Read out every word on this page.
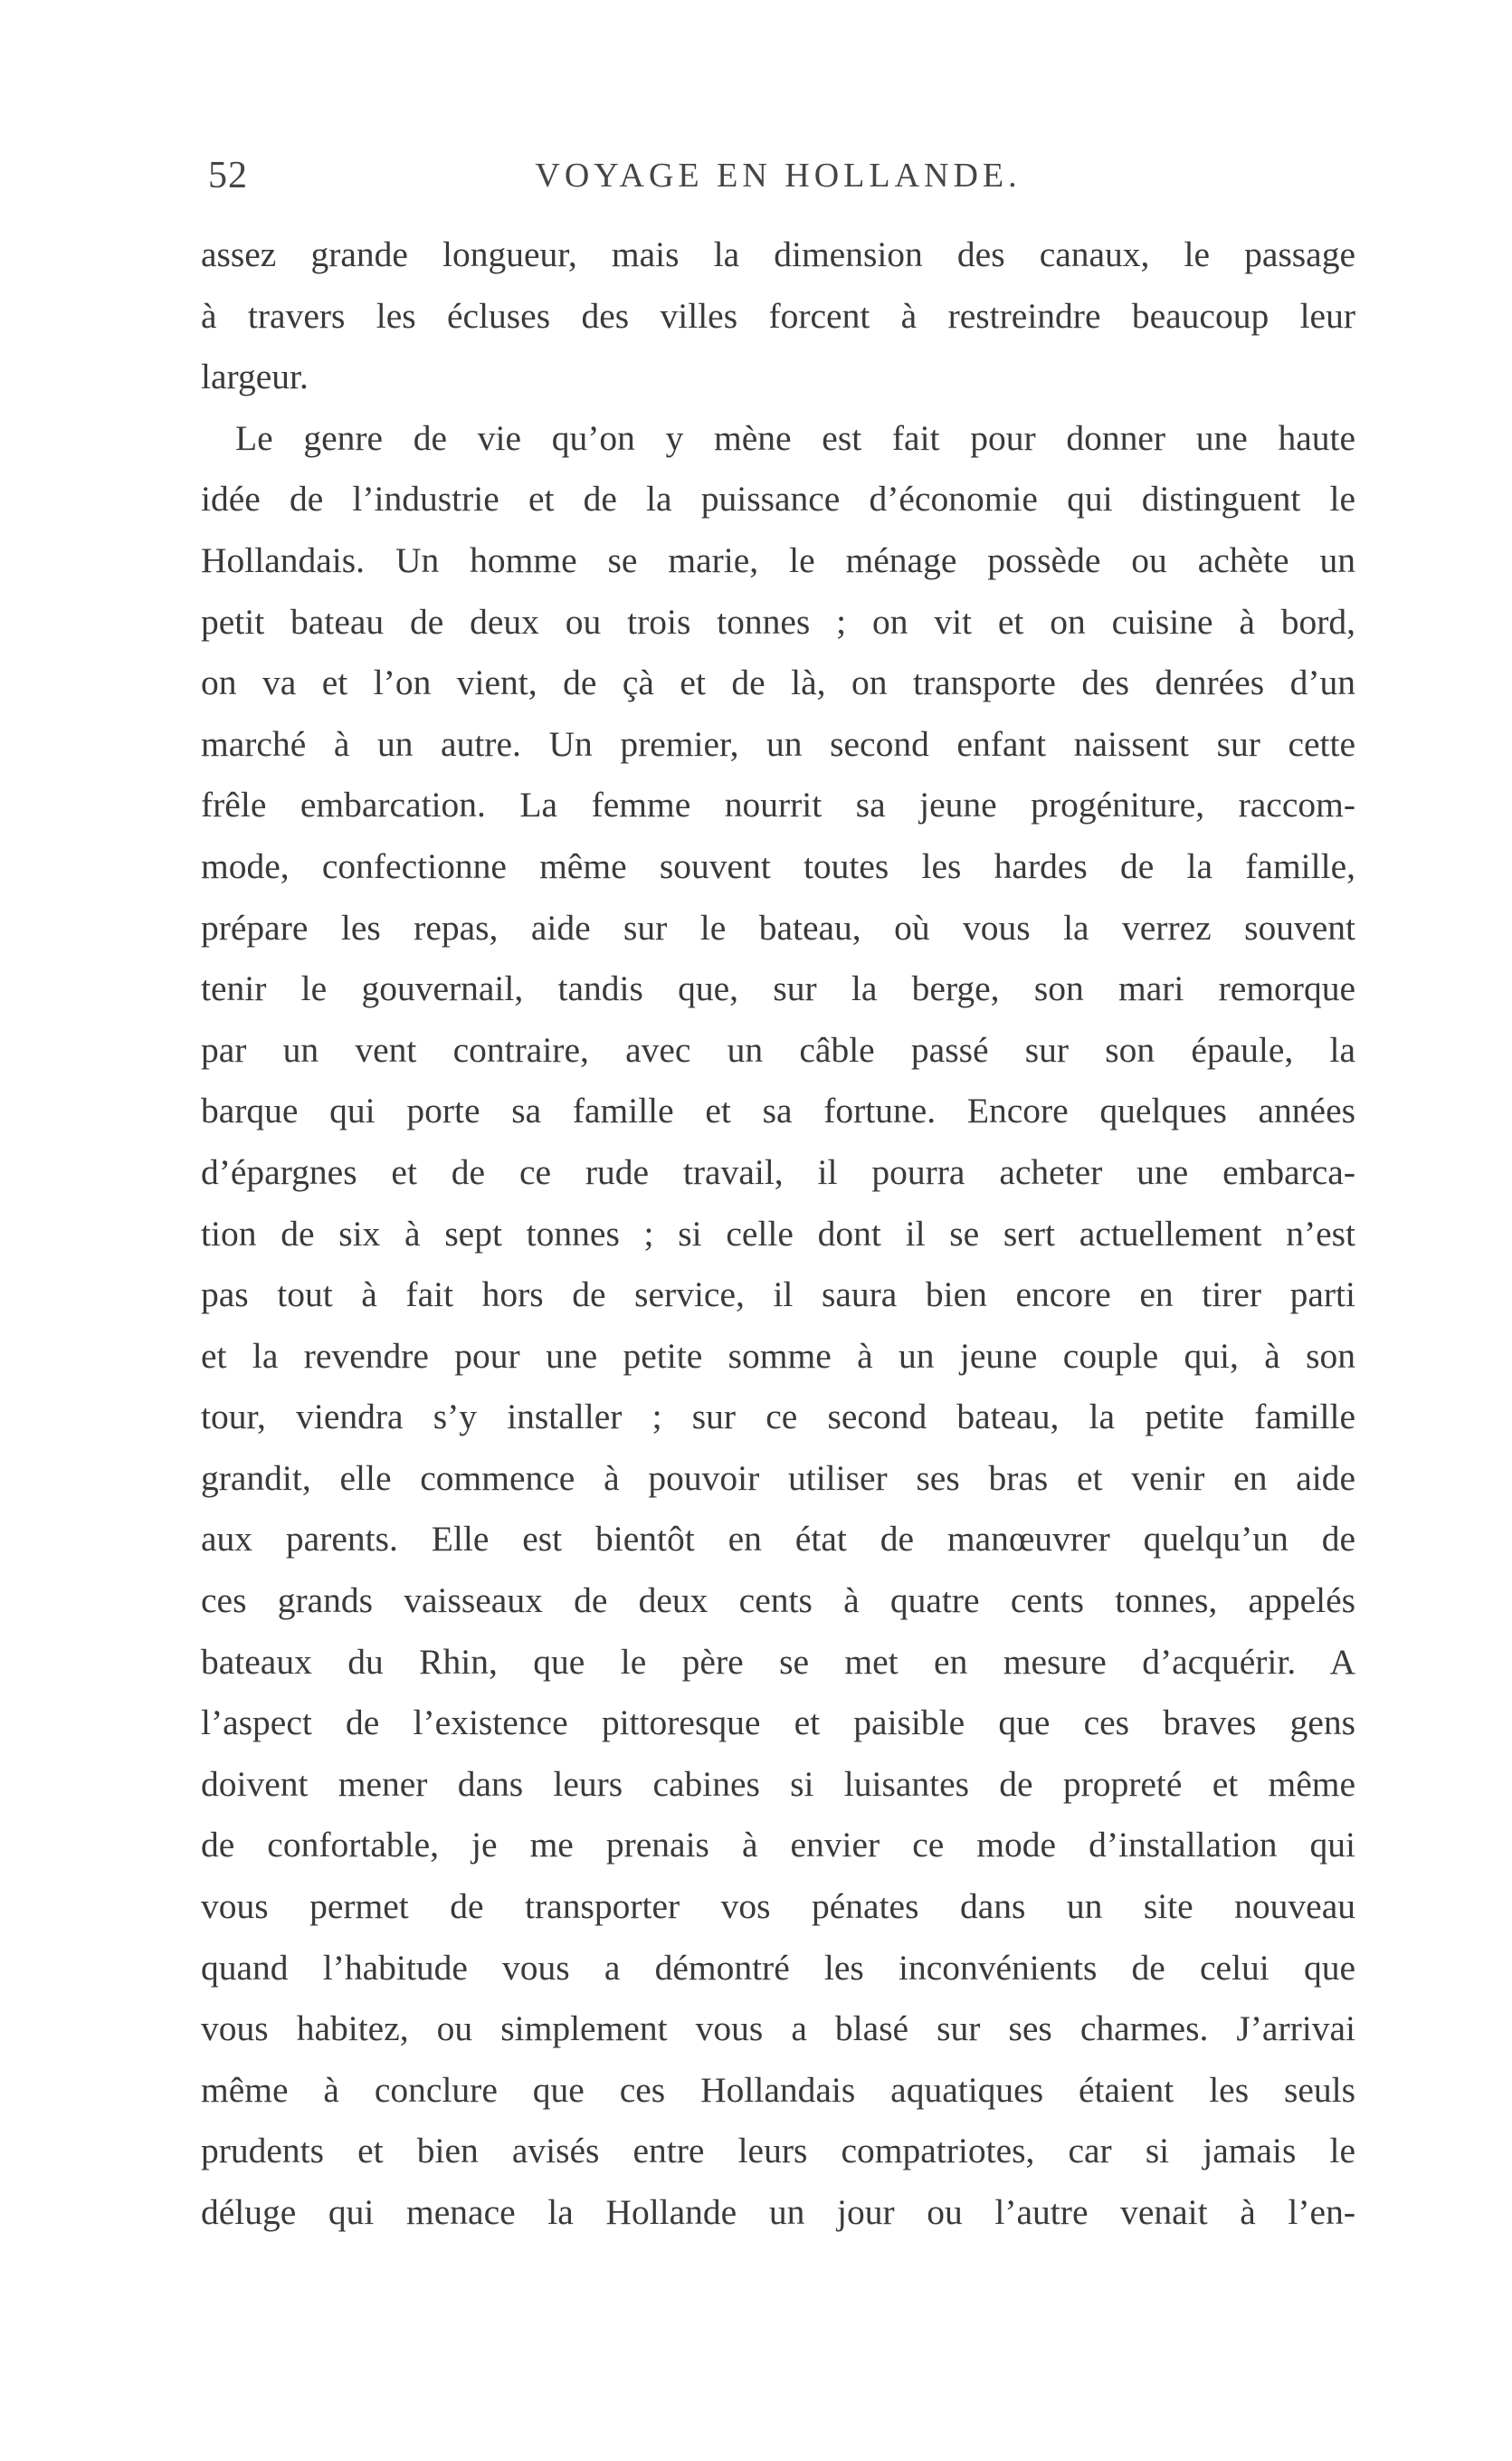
52	VOYAGE EN HOLLANDE.
assez grande longueur, mais la dimension des canaux, le passage
à travers les écluses des villes forcent à restreindre beaucoup leur
largeur.
Le genre de vie qu’on y mène est fait pour donner une haute
idée de l’industrie et de la puissance d’économie qui distinguent le
Hollandais. Un homme se marie, le ménage possède ou achète un
petit bateau de deux ou trois tonnes ; on vit et on cuisine à bord,
on va et l’on vient, de çà et de là, on transporte des denrées d’un
marché à un autre. Un premier, un second enfant naissent sur cette
frêle embarcation. La femme nourrit sa jeune progéniture, raccom-
mode, confectionne même souvent toutes les hardes de la famille,
prépare les repas, aide sur le bateau, où vous la verrez souvent
tenir le gouvernail, tandis que, sur la berge, son mari remorque
par un vent contraire, avec un câble passé sur son épaule, la
barque qui porte sa famille et sa fortune. Encore quelques années
d’épargnes et de ce rude travail, il pourra acheter une embarca-
tion de six à sept tonnes ; si celle dont il se sert actuellement n’est
pas tout à fait hors de service, il saura bien encore en tirer parti
et la revendre pour une petite somme à un jeune couple qui, à son
tour, viendra s’y installer ; sur ce second bateau, la petite famille
grandit, elle commence à pouvoir utiliser ses bras et venir en aide
aux parents. Elle est bientôt en état de manœuvrer quelqu’un de
ces grands vaisseaux de deux cents à quatre cents tonnes, appelés
bateaux du Rhin, que le père se met en mesure d’acquérir. A
l’aspect de l’existence pittoresque et paisible que ces braves gens
doivent mener dans leurs cabines si luisantes de propreté et même
de confortable, je me prenais à envier ce mode d’installation qui
vous permet de transporter vos pénates dans un site nouveau
quand l’habitude vous a démontré les inconvénients de celui que
vous habitez, ou simplement vous a blasé sur ses charmes. J’arrivai
même à conclure que ces Hollandais aquatiques étaient les seuls
prudents et bien avisés entre leurs compatriotes, car si jamais le
déluge qui menace la Hollande un jour ou l’autre venait à l’en-
